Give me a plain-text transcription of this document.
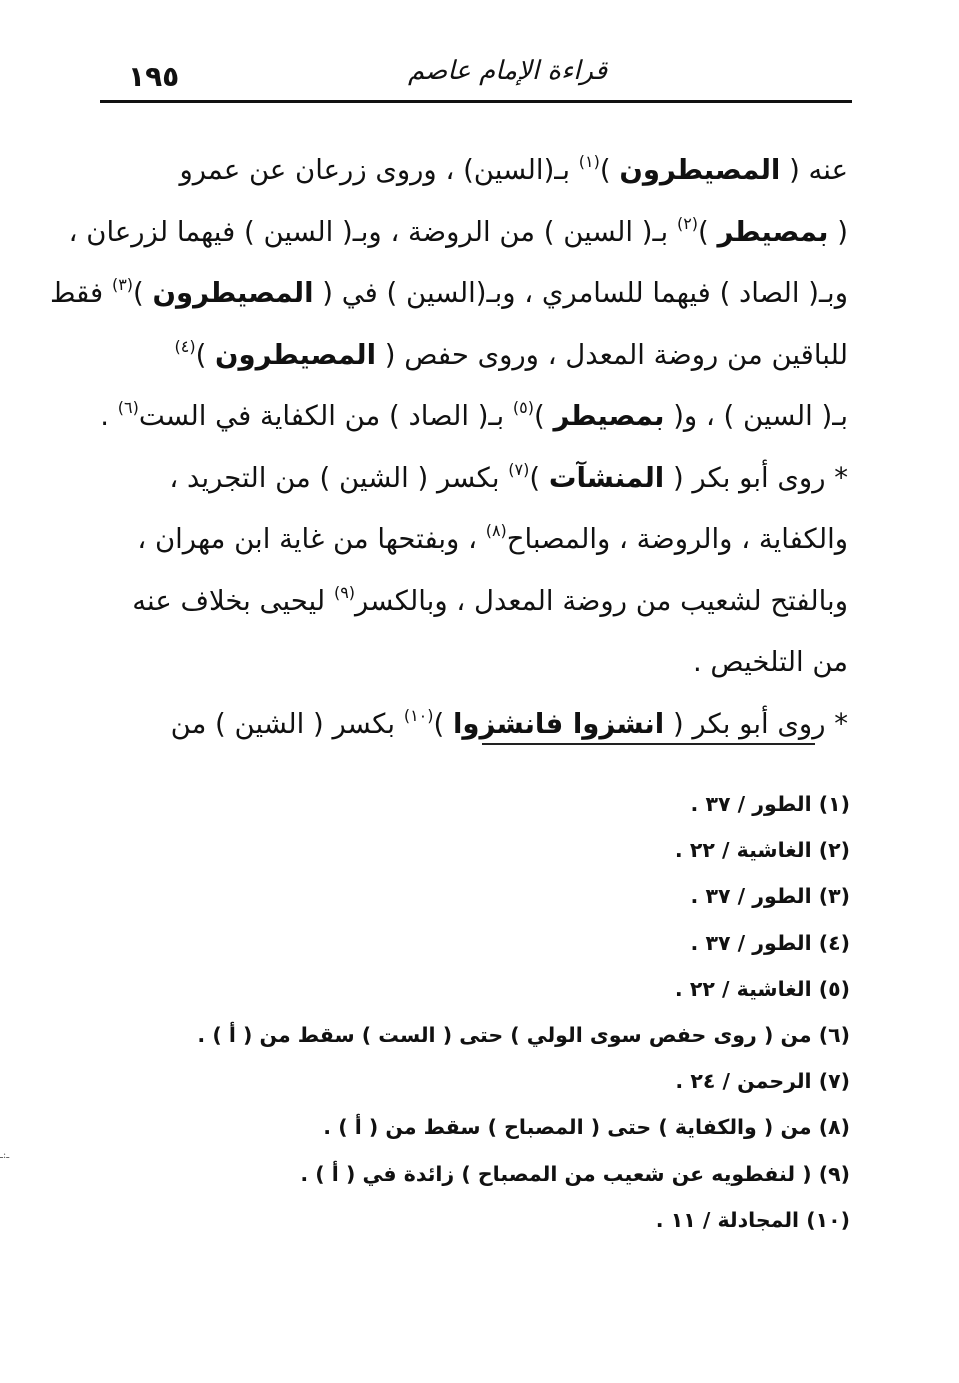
١٩٥	قراءة الإمام عاصم
عنه ( المصيطرون )$^{(١)}$ بـ(السين) ، وروى زرعان عن عمرو
( بمصيطر )$^{(٢)}$ بـ( السين ) من الروضة ، وبـ( السين ) فيهما لزرعان ،
وبـ( الصاد ) فيهما للسامري ، وبـ(السين ) في ( المصيطرون )$^{(٣)}$ فقط
للباقين من روضة المعدل ، وروى حفص ( المصيطرون )$^{(٤)}$
بـ( السين ) ، و( بمصيطر )$^{(٥)}$ بـ( الصاد ) من الكفاية في الست$^{(٦)}$ .
* روى أبو بكر ( المنشآت )$^{(٧)}$ بكسر ( الشين ) من التجريد ،
والكفاية ، والروضة ، والمصباح$^{(٨)}$ ، وبفتحها من غاية ابن مهران ،
وبالفتح لشعيب من روضة المعدل ، وبالكسر$^{(٩)}$ ليحيى بخلاف عنه
من التلخيص .
* روى أبو بكر ( انشزوا فانشزوا )$^{(١٠)}$ بكسر ( الشين ) من
(١) الطور / ٣٧ .
(٢) الغاشية / ٢٢ .
(٣) الطور / ٣٧ .
(٤) الطور / ٣٧ .
(٥) الغاشية / ٢٢ .
(٦) من ( روى حفص سوى الولي ) حتى ( الست ) سقط من ( أ ) .
(٧) الرحمن / ٢٤ .
(٨) من ( والكفاية ) حتى ( المصباح ) سقط من ( أ ) .
(٩) ( لنفطويه عن شعيب من المصباح ) زائدة في ( أ ) .
(١٠) المجادلة / ١١ .
ـ:ـ
